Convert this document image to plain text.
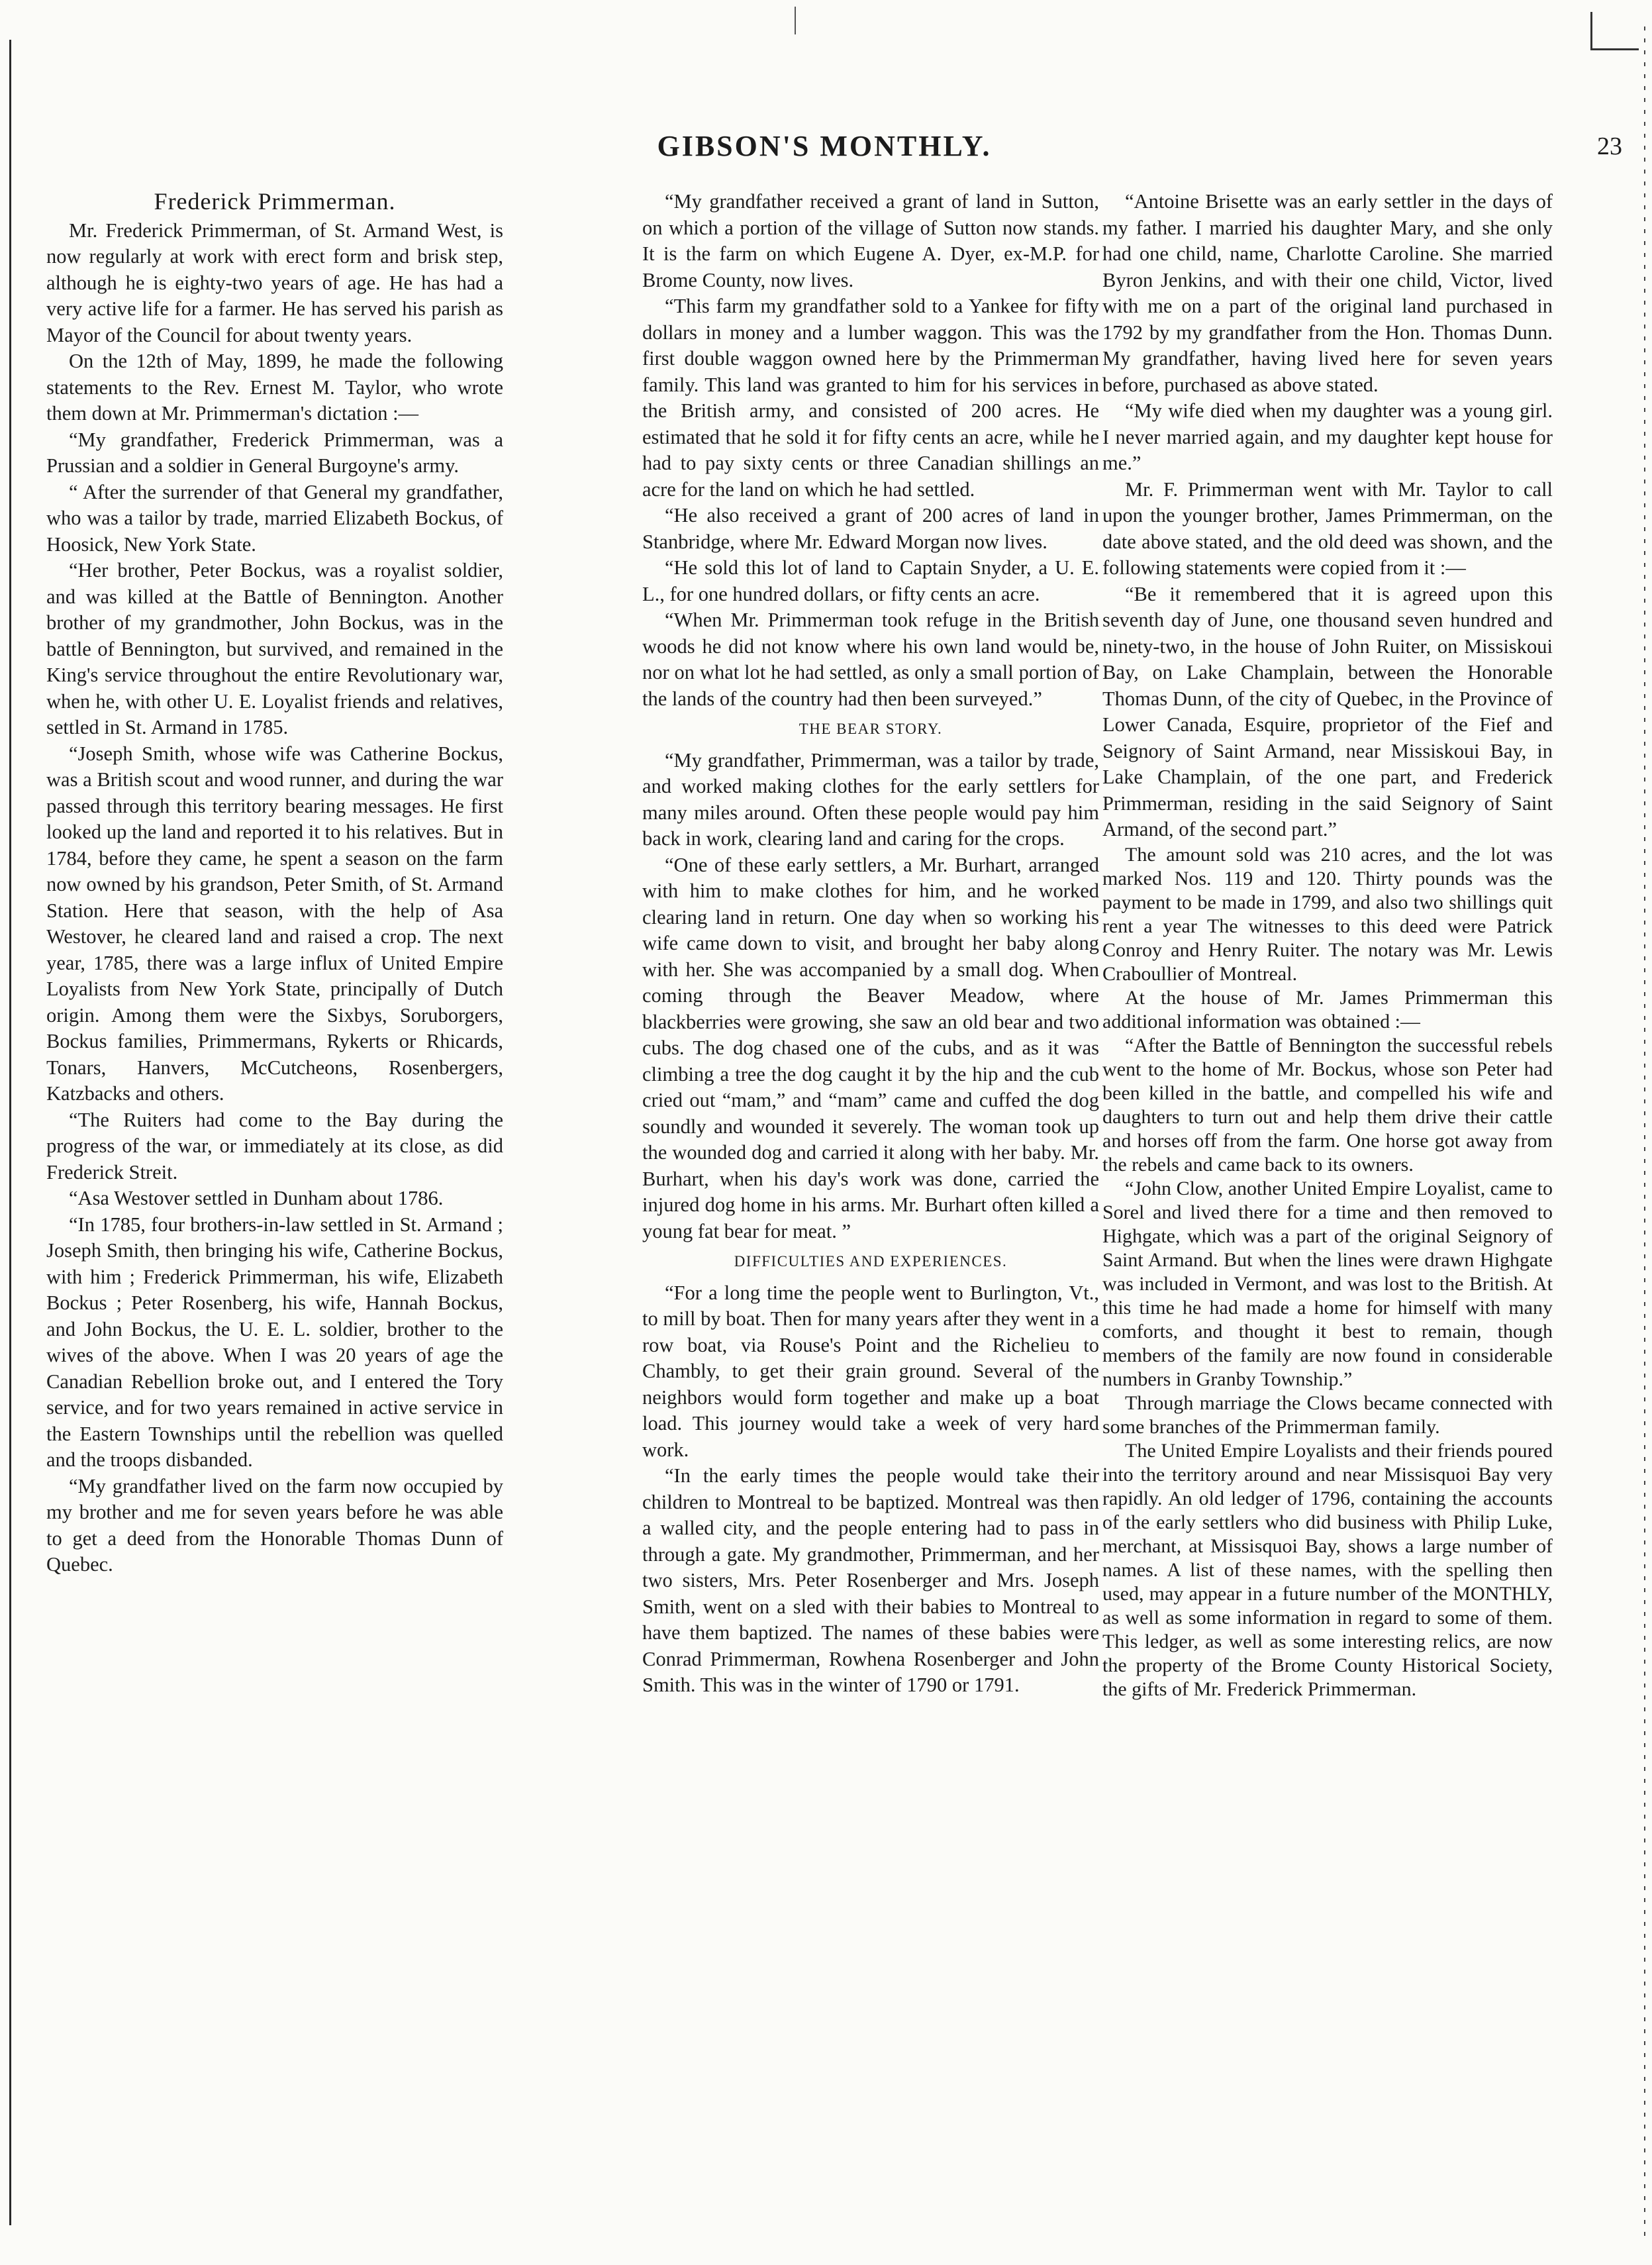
GIBSON'S MONTHLY.	23
Frederick Primmerman.

Mr. Frederick Primmerman, of St. Armand West, is now regularly at work with erect form and brisk step, although he is eighty-two years of age. He has had a very active life for a farmer. He has served his parish as Mayor of the Council for about twenty years.

On the 12th of May, 1899, he made the following statements to the Rev. Ernest M. Taylor, who wrote them down at Mr. Primmerman's dictation :—

“My grandfather, Frederick Primmerman, was a Prussian and a soldier in General Burgoyne's army.

“ After the surrender of that General my grandfather, who was a tailor by trade, married Elizabeth Bockus, of Hoosick, New York State.

“Her brother, Peter Bockus, was a royalist soldier, and was killed at the Battle of Bennington. Another brother of my grandmother, John Bockus, was in the battle of Bennington, but survived, and remained in the King's service throughout the entire Revolutionary war, when he, with other U. E. Loyalist friends and relatives, settled in St. Armand in 1785.

“Joseph Smith, whose wife was Catherine Bockus, was a British scout and wood runner, and during the war passed through this territory bearing messages. He first looked up the land and reported it to his relatives. But in 1784, before they came, he spent a season on the farm now owned by his grandson, Peter Smith, of St. Armand Station. Here that season, with the help of Asa Westover, he cleared land and raised a crop. The next year, 1785, there was a large influx of United Empire Loyalists from New York State, principally of Dutch origin. Among them were the Sixbys, Soruborgers, Bockus families, Primmermans, Rykerts or Rhicards, Tonars, Hanvers, McCutcheons, Rosenbergers, Katzbacks and others.

“The Ruiters had come to the Bay during the progress of the war, or immediately at its close, as did Frederick Streit.

“Asa Westover settled in Dunham about 1786.

“In 1785, four brothers-in-law settled in St. Armand ; Joseph Smith, then bringing his wife, Catherine Bockus, with him ; Frederick Primmerman, his wife, Elizabeth Bockus ; Peter Rosenberg, his wife, Hannah Bockus, and John Bockus, the U. E. L. soldier, brother to the wives of the above. When I was 20 years of age the Canadian Rebellion broke out, and I entered the Tory service, and for two years remained in active service in the Eastern Townships until the rebellion was quelled and the troops disbanded.

“My grandfather lived on the farm now occupied by my brother and me for seven years before he was able to get a deed from the Honorable Thomas Dunn of Quebec.

“My grandfather received a grant of land in Sutton, on which a portion of the village of Sutton now stands. It is the farm on which Eugene A. Dyer, ex-M.P. for Brome County, now lives.

“This farm my grandfather sold to a Yankee for fifty dollars in money and a lumber waggon. This was the first double waggon owned here by the Primmerman family. This land was granted to him for his services in the British army, and consisted of 200 acres. He estimated that he sold it for fifty cents an acre, while he had to pay sixty cents or three Canadian shillings an acre for the land on which he had settled.

“He also received a grant of 200 acres of land in Stanbridge, where Mr. Edward Morgan now lives.

“He sold this lot of land to Captain Snyder, a U. E. L., for one hundred dollars, or fifty cents an acre.

“When Mr. Primmerman took refuge in the British woods he did not know where his own land would be, nor on what lot he had settled, as only a small portion of the lands of the country had then been surveyed.”

THE BEAR STORY.

“My grandfather, Primmerman, was a tailor by trade, and worked making clothes for the early settlers for many miles around. Often these people would pay him back in work, clearing land and caring for the crops.

“One of these early settlers, a Mr. Burhart, arranged with him to make clothes for him, and he worked clearing land in return. One day when so working his wife came down to visit, and brought her baby along with her. She was accompanied by a small dog. When coming through the Beaver Meadow, where blackberries were growing, she saw an old bear and two cubs. The dog chased one of the cubs, and as it was climbing a tree the dog caught it by the hip and the cub cried out “mam,” and “mam” came and cuffed the dog soundly and wounded it severely. The woman took up the wounded dog and carried it along with her baby. Mr. Burhart, when his day's work was done, carried the injured dog home in his arms. Mr. Burhart often killed a young fat bear for meat. ”

DIFFICULTIES AND EXPERIENCES.

“For a long time the people went to Burlington, Vt., to mill by boat. Then for many years after they went in a row boat, via Rouse's Point and the Richelieu to Chambly, to get their grain ground. Several of the neighbors would form together and make up a boat load. This journey would take a week of very hard work.

“In the early times the people would take their children to Montreal to be baptized. Montreal was then a walled city, and the people entering had to pass in through a gate. My grandmother, Primmerman, and her two sisters, Mrs. Peter Rosenberger and Mrs. Joseph Smith, went on a sled with their babies to Montreal to have them baptized. The names of these babies were Conrad Primmerman, Rowhena Rosenberger and John Smith. This was in the winter of 1790 or 1791.

“Antoine Brisette was an early settler in the days of my father. I married his daughter Mary, and she only had one child, name, Charlotte Caroline. She married Byron Jenkins, and with their one child, Victor, lived with me on a part of the original land purchased in 1792 by my grandfather from the Hon. Thomas Dunn. My grandfather, having lived here for seven years before, purchased as above stated.

“My wife died when my daughter was a young girl. I never married again, and my daughter kept house for me.”

Mr. F. Primmerman went with Mr. Taylor to call upon the younger brother, James Primmerman, on the date above stated, and the old deed was shown, and the following statements were copied from it :—

“Be it remembered that it is agreed upon this seventh day of June, one thousand seven hundred and ninety-two, in the house of John Ruiter, on Missiskoui Bay, on Lake Champlain, between the Honorable Thomas Dunn, of the city of Quebec, in the Province of Lower Canada, Esquire, proprietor of the Fief and Seignory of Saint Armand, near Missiskoui Bay, in Lake Champlain, of the one part, and Frederick Primmerman, residing in the said Seignory of Saint Armand, of the second part.”

The amount sold was 210 acres, and the lot was marked Nos. 119 and 120. Thirty pounds was the payment to be made in 1799, and also two shillings quit rent a year The witnesses to this deed were Patrick Conroy and Henry Ruiter. The notary was Mr. Lewis Craboullier of Montreal.

At the house of Mr. James Primmerman this additional information was obtained :—

“After the Battle of Bennington the successful rebels went to the home of Mr. Bockus, whose son Peter had been killed in the battle, and compelled his wife and daughters to turn out and help them drive their cattle and horses off from the farm. One horse got away from the rebels and came back to its owners.

“John Clow, another United Empire Loyalist, came to Sorel and lived there for a time and then removed to Highgate, which was a part of the original Seignory of Saint Armand. But when the lines were drawn Highgate was included in Vermont, and was lost to the British. At this time he had made a home for himself with many comforts, and thought it best to remain, though members of the family are now found in considerable numbers in Granby Township.”

Through marriage the Clows became connected with some branches of the Primmerman family.

The United Empire Loyalists and their friends poured into the territory around and near Missisquoi Bay very rapidly. An old ledger of 1796, containing the accounts of the early settlers who did business with Philip Luke, merchant, at Missisquoi Bay, shows a large number of names. A list of these names, with the spelling then used, may appear in a future number of the MONTHLY, as well as some information in regard to some of them. This ledger, as well as some interesting relics, are now the property of the Brome County Historical Society, the gifts of Mr. Frederick Primmerman.
